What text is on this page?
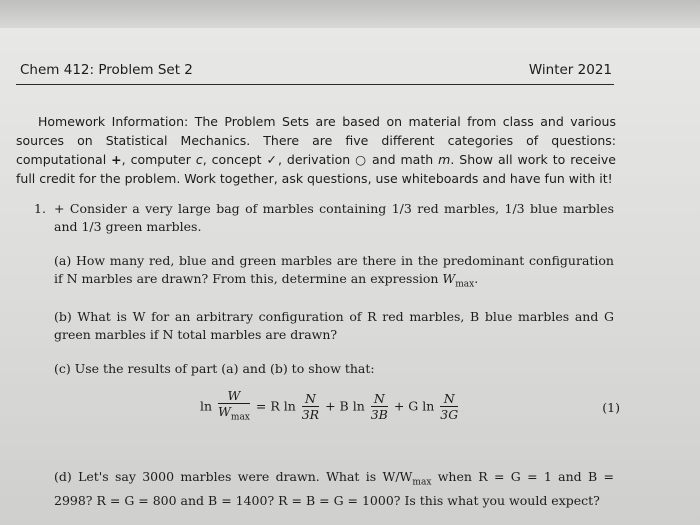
Chem 412: Problem Set 2	Winter 2021

Homework Information: The Problem Sets are based on material from class and various sources on Statistical Mechanics. There are five different categories of questions: computational +, computer c, concept ✓, derivation ○ and math m. Show all work to receive full credit for the problem. Work together, ask questions, use whiteboards and have fun with it!

1. + Consider a very large bag of marbles containing 1/3 red marbles, 1/3 blue marbles and 1/3 green marbles.
(a) How many red, blue and green marbles are there in the predominant configuration if N marbles are drawn? From this, determine an expression $W_{max}$.
(b) What is W for an arbitrary configuration of R red marbles, B blue marbles and G green marbles if N total marbles are drawn?
(c) Use the results of part (a) and (b) to show that:
$\ln \frac{W}{W_{max}} = R$ $\ln \frac{N}{3R} + B$ $\ln \frac{N}{3B} + G$ $\ln \frac{N}{3G}$	(1)
(d) Let's say 3000 marbles were drawn. What is $W/W_{max}$ when R = G = 1 and B = 2998? R = G = 800 and B = 1400? R = B = G = 1000? Is this what you would expect?
